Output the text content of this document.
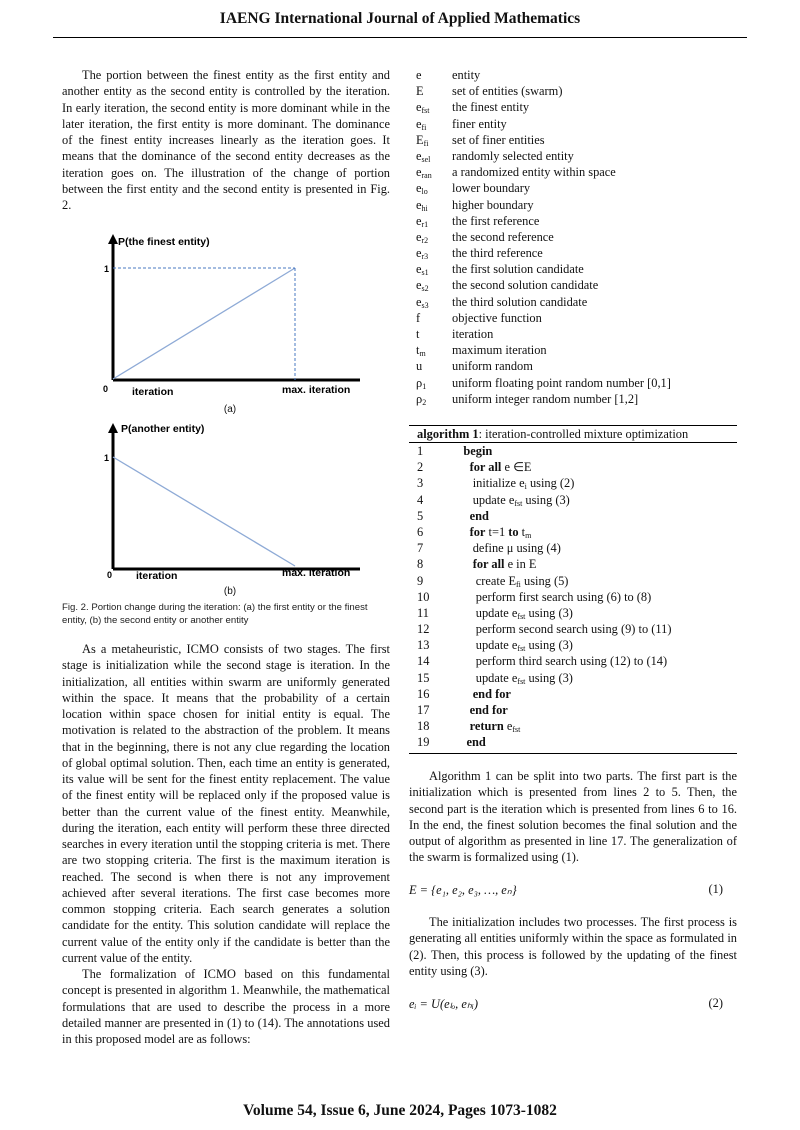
IAENG International Journal of Applied Mathematics

The portion between the finest entity as the first entity and another entity as the second entity is controlled by the iteration. In early iteration, the second entity is more dominant while in the later iteration, the first entity is more dominant. The dominance of the finest entity increases linearly as the iteration goes. It means that the dominance of the second entity decreases as the iteration goes on. The illustration of the change of portion between the first entity and the second entity is presented in Fig. 2.

P(the finest entity)
1
0 iteration	max. iteration
(a)
P(another entity)
1
0 iteration	max. iteration
(b)
Fig. 2. Portion change during the iteration: (a) the first entity or the finest entity, (b) the second entity or another entity

As a metaheuristic, ICMO consists of two stages. The first stage is initialization while the second stage is iteration. In the initialization, all entities within swarm are uniformly generated within the space. It means that the probability of a certain location within space chosen for initial entity is equal. The motivation is related to the abstraction of the problem. It means that in the beginning, there is not any clue regarding the location of global optimal solution. Then, each time an entity is generated, its value will be sent for the finest entity replacement. The value of the finest entity will be replaced only if the proposed value is better than the current value of the finest entity. Meanwhile, during the iteration, each entity will perform these three directed searches in every iteration until the stopping criteria is met. There are two stopping criteria. The first is the maximum iteration is reached. The second is when there is not any improvement achieved after several iterations. The first case becomes more common stopping criteria. Each search generates a solution candidate for the entity. This solution candidate will replace the current value of the entity only if the candidate is better than the current value of the entity.

The formalization of ICMO based on this fundamental concept is presented in algorithm 1. Meanwhile, the mathematical formulations that are used to describe the process in a more detailed manner are presented in (1) to (14). The annotations used in this proposed model are as follows:

e	entity
E	set of entities (swarm)
$e_{fst}$	the finest entity
$e_{fi}$	finer entity
$E_{fi}$	set of finer entities
$e_{sel}$	randomly selected entity
$e_{ran}$	a randomized entity within space
$e_{lo}$	lower boundary
$e_{hi}$	higher boundary
$e_{r1}$	the first reference
$e_{r2}$	the second reference
$e_{r3}$	the third reference
$e_{s1}$	the first solution candidate
$e_{s2}$	the second solution candidate
$e_{s3}$	the third solution candidate
f	objective function
t	iteration
$t_m$	maximum iteration
u	uniform random
$\rho_1$	uniform floating point random number [0,1]
$\rho_2$	uniform integer random number [1,2]
algorithm 1: iteration-controlled mixture optimization
1	begin
2	for all e ∈E
3	initialize $e_i$ using (2)
4	update $e_{fst}$ using (3)
5	end
6	for t=1 to $t_m$
7	define μ using (4)
8	for all e in E
9	create $E_{fi}$ using (5)
10	perform first search using (6) to (8)
11	update $e_{fst}$ using (3)
12	perform second search using (9) to (11)
13	update $e_{fst}$ using (3)
14	perform third search using (12) to (14)
15	update $e_{fst}$ using (3)
16	end for
17	end for
18	return $e_{fst}$
19	end

Algorithm 1 can be split into two parts. The first part is the initialization which is presented from lines 2 to 5. Then, the second part is the iteration which is presented from lines 6 to 16. In the end, the finest solution becomes the final solution and the output of algorithm as presented in line 17. The generalization of the swarm is formalized using (1).

E = {e₁, e₂, e₃, …, eₙ}	(1)

The initialization includes two processes. The first process is generating all entities uniformly within the space as formulated in (2). Then, this process is followed by the updating of the finest entity using (3).

eᵢ = U(eₗₒ, eₕᵢ)	(2)
Volume 54, Issue 6, June 2024, Pages 1073-1082
